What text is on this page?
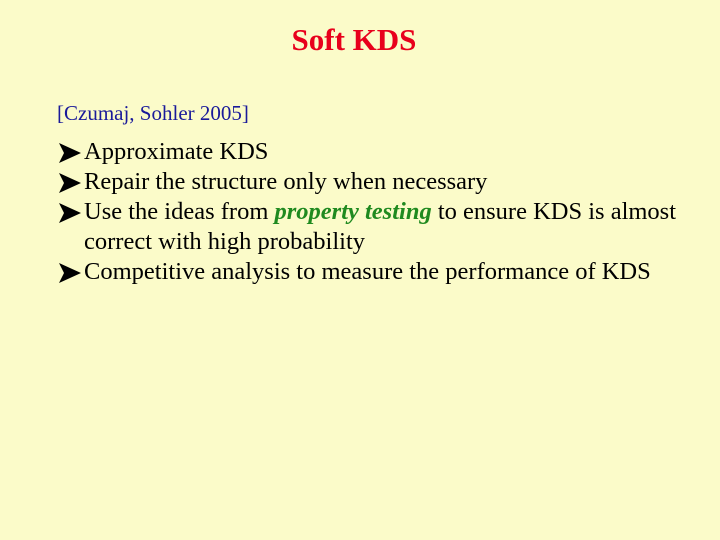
Soft KDS
[Czumaj, Sohler 2005]
Approximate KDS
Repair the structure only when necessary
Use the ideas from property testing to ensure KDS is almost correct with high probability
Competitive analysis to measure the performance of KDS
